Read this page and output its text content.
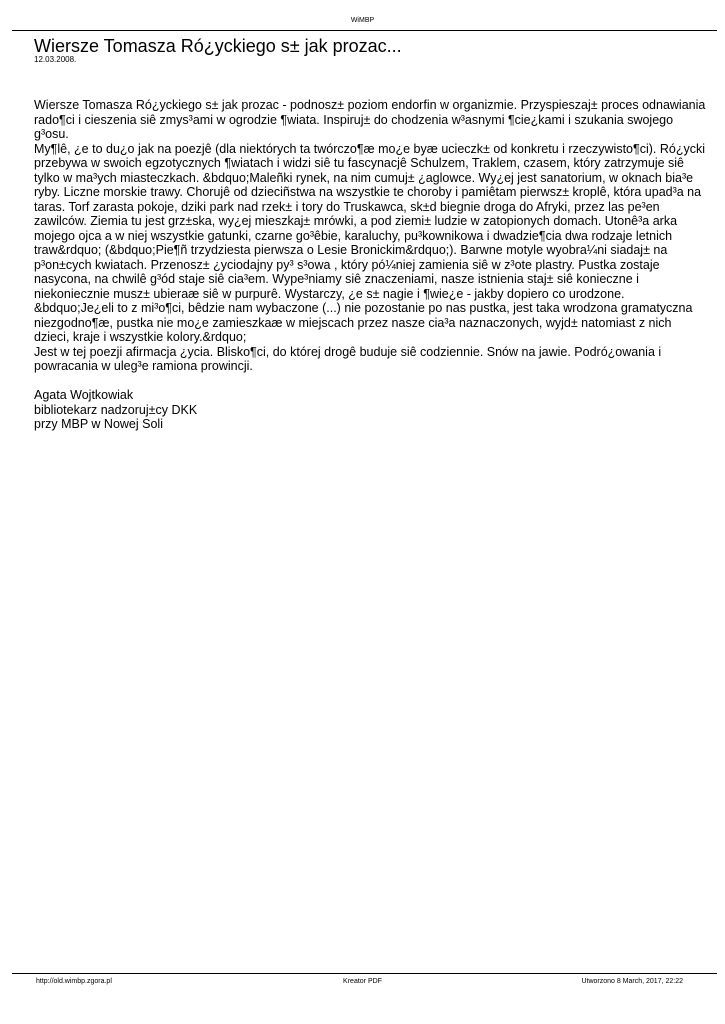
WiMBP
Wiersze Tomasza Ró¿yckiego s± jak prozac...
12.03.2008.

Wiersze Tomasza Ró¿yckiego s± jak prozac - podnosz± poziom endorfin w organizmie. Przyspieszaj± proces odnawiania rado¶ci i cieszenia siê zmys³ami w ogrodzie ¶wiata. Inspiruj± do chodzenia w³asnymi ¶cie¿kami i szukania swojego g³osu.

My¶lê, ¿e to du¿o jak na poezjê (dla niektórych ta twórczo¶æ mo¿e byæ ucieczk± od konkretu i rzeczywisto¶ci). Ró¿ycki przebywa w swoich egzotycznych ¶wiatach i widzi siê tu fascynacjê Schulzem, Traklem, czasem, który zatrzymuje siê tylko w ma³ych miasteczkach. &bdquo;Maleñki rynek, na nim cumuj± ¿aglowce. Wy¿ej jest sanatorium, w oknach bia³e ryby. Liczne morskie trawy. Chorujê od dzieciñstwa na wszystkie te choroby i pamiêtam pierwsz± kroplê, która upad³a na taras. Torf zarasta pokoje, dziki park nad rzek± i tory do Truskawca, sk±d biegnie droga do Afryki, przez las pe³en zawilców. Ziemia tu jest grz±ska, wy¿ej mieszkaj± mrówki, a pod ziemi± ludzie w zatopionych domach. Utonê³a arka mojego ojca a w niej wszystkie gatunki, czarne go³êbie, karaluchy, pu³kownikowa i dwadzie¶cia dwa rodzaje letnich traw&rdquo; (&bdquo;Pie¶ñ trzydziesta pierwsza o Lesie Bronickim&rdquo;). Barwne motyle wyobra¼ni siadaj± na p³on±cych kwiatach. Przenosz± ¿yciodajny py³ s³owa , który pó¼niej zamienia siê w z³ote plastry. Pustka zostaje nasycona, na chwilê g³ód staje siê cia³em. Wype³niamy siê znaczeniami, nasze istnienia staj± siê konieczne i niekoniecznie musz± ubieraæ siê w purpurê. Wystarczy, ¿e s± nagie i ¶wie¿e - jakby dopiero co urodzone. &bdquo;Je¿eli to z mi³o¶ci, bêdzie nam wybaczone (...) nie pozostanie po nas pustka, jest taka wrodzona gramatyczna niezgodno¶æ, pustka nie mo¿e zamieszkaæ w miejscach przez nasze cia³a naznaczonych, wyjd± natomiast z nich dzieci, kraje i wszystkie kolory.&rdquo;

Jest w tej poezji afirmacja ¿ycia. Blisko¶ci, do której drogê buduje siê codziennie. Snów na jawie. Podró¿owania i powracania w uleg³e ramiona prowincji.

Agata Wojtkowiak
bibliotekarz nadzoruj±cy DKK
przy MBP w Nowej Soli

http://old.wimbp.zgora.pl	Kreator PDF	Utworzono 8 March, 2017, 22:22
